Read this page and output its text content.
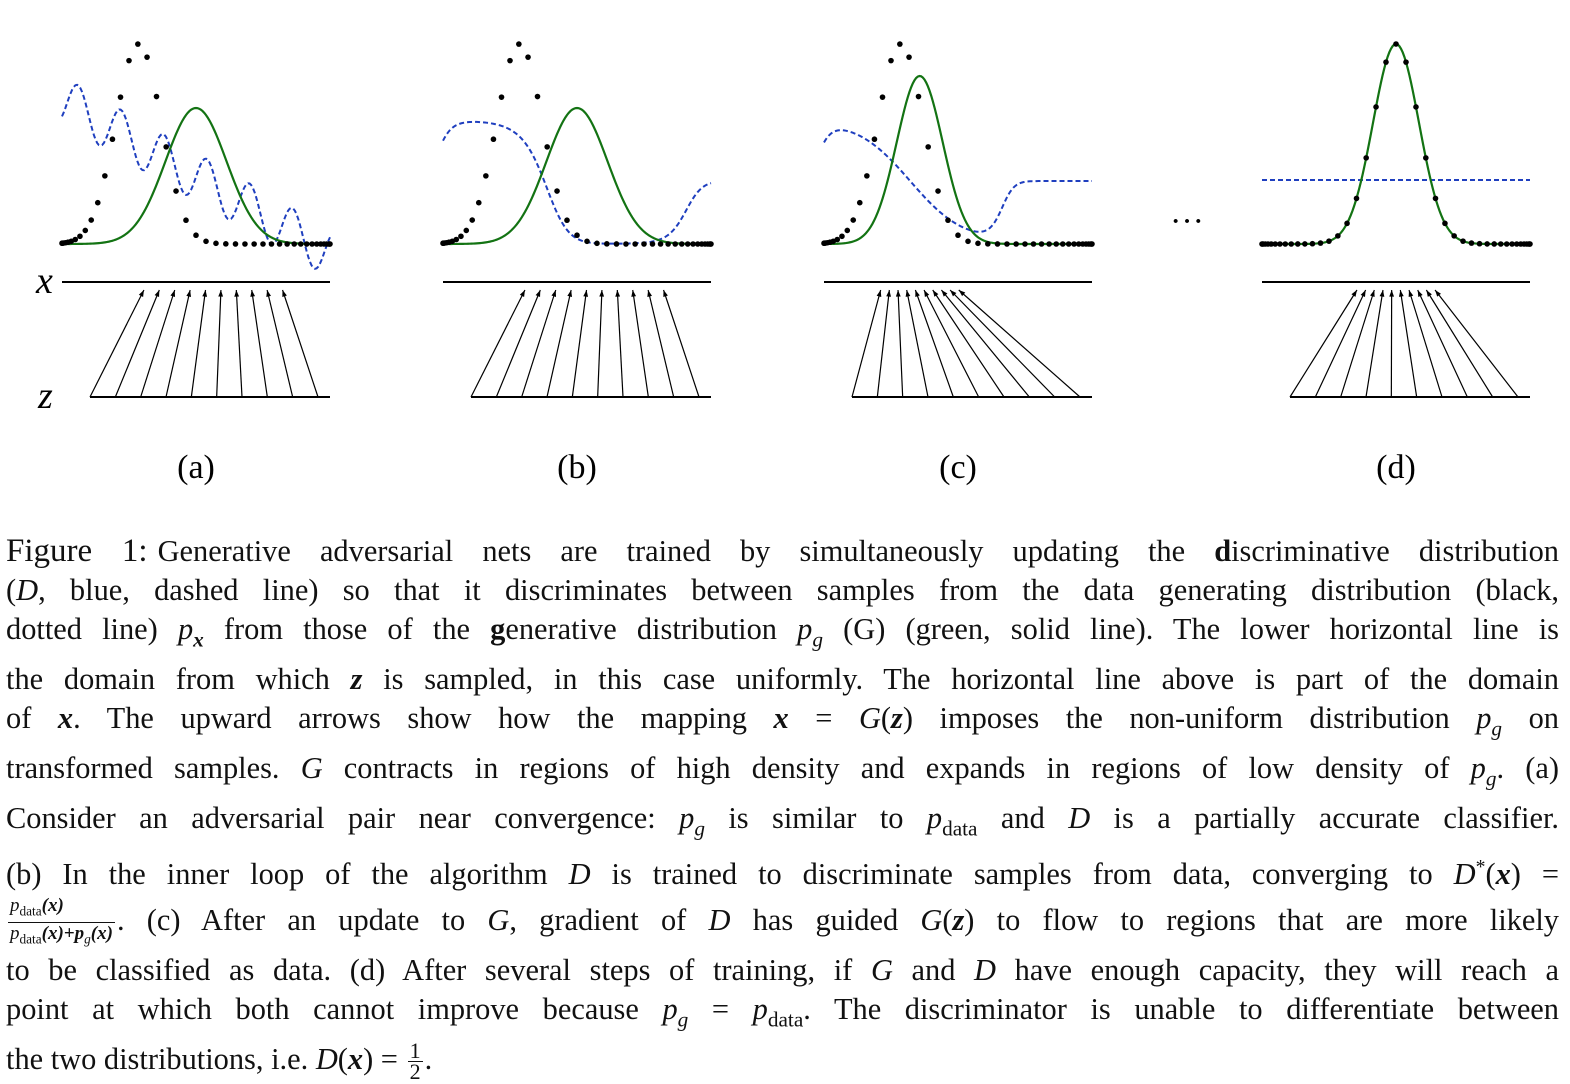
x
z
···
(a)	(b)	(c)	(d)
Figure 1: Generative adversarial nets are trained by simultaneously updating the discriminative distribution
(D, blue, dashed line) so that it discriminates between samples from the data generating distribution (black,
dotted line) $p_x$ from those of the generative distribution $p_g$ (G) (green, solid line). The lower horizontal line is
the domain from which z is sampled, in this case uniformly. The horizontal line above is part of the domain
of x. The upward arrows show how the mapping x = G(z) imposes the non-uniform distribution $p_g$ on
transformed samples. G contracts in regions of high density and expands in regions of low density of $p_g$. (a)
Consider an adversarial pair near convergence: $p_g$ is similar to $p_{data}$ and D is a partially accurate classifier.
(b) In the inner loop of the algorithm D is trained to discriminate samples from data, converging to D*(x) =
$\frac{p_{data}(x)}{p_{data}(x)+p_g(x)}$ . (c) After an update to G, gradient of D has guided G(z) to flow to regions that are more likely
to be classified as data. (d) After several steps of training, if G and D have enough capacity, they will reach a
point at which both cannot improve because $p_g = p_{data}$. The discriminator is unable to differentiate between
the two distributions, i.e. $D(x) = \frac{1}{2}$ .
